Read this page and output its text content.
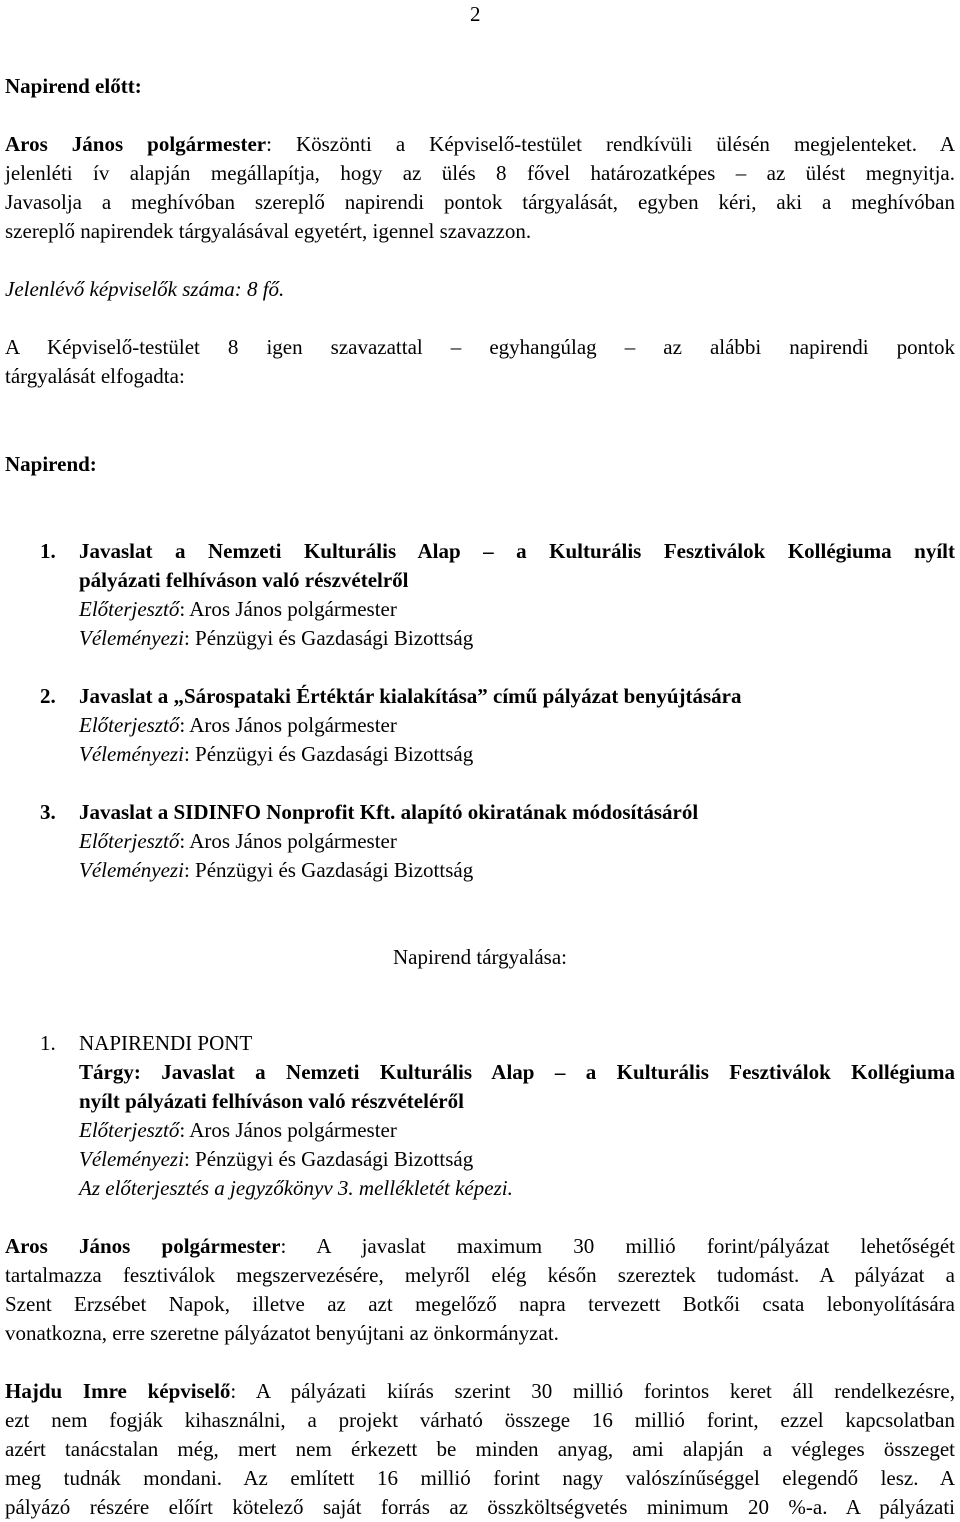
2
Napirend előtt:
Aros János polgármester: Köszönti a Képviselő-testület rendkívüli ülésén megjelenteket. A
jelenléti ív alapján megállapítja, hogy az ülés 8 fővel határozatképes – az ülést megnyitja.
Javasolja a meghívóban szereplő napirendi pontok tárgyalását, egyben kéri, aki a meghívóban
szereplő napirendek tárgyalásával egyetért, igennel szavazzon.
Jelenlévő képviselők száma: 8 fő.
A Képviselő-testület 8 igen szavazattal – egyhangúlag – az alábbi napirendi pontok
tárgyalását elfogadta:
Napirend:
1. Javaslat a Nemzeti Kulturális Alap – a Kulturális Fesztiválok Kollégiuma nyílt
pályázati felhíváson való részvételről
Előterjesztő: Aros János polgármester
Véleményezi: Pénzügyi és Gazdasági Bizottság
2. Javaslat a „Sárospataki Értéktár kialakítása” című pályázat benyújtására
Előterjesztő: Aros János polgármester
Véleményezi: Pénzügyi és Gazdasági Bizottság
3. Javaslat a SIDINFO Nonprofit Kft. alapító okiratának módosításáról
Előterjesztő: Aros János polgármester
Véleményezi: Pénzügyi és Gazdasági Bizottság
Napirend tárgyalása:
1. NAPIRENDI PONT
Tárgy: Javaslat a Nemzeti Kulturális Alap – a Kulturális Fesztiválok Kollégiuma
nyílt pályázati felhíváson való részvételéről
Előterjesztő: Aros János polgármester
Véleményezi: Pénzügyi és Gazdasági Bizottság
Az előterjesztés a jegyzőkönyv 3. mellékletét képezi.
Aros János polgármester: A javaslat maximum 30 millió forint/pályázat lehetőségét
tartalmazza fesztiválok megszervezésére, melyről elég későn szereztek tudomást. A pályázat a
Szent Erzsébet Napok, illetve az azt megelőző napra tervezett Botkői csata lebonyolítására
vonatkozna, erre szeretne pályázatot benyújtani az önkormányzat.
Hajdu Imre képviselő: A pályázati kiírás szerint 30 millió forintos keret áll rendelkezésre,
ezt nem fogják kihasználni, a projekt várható összege 16 millió forint, ezzel kapcsolatban
azért tanácstalan még, mert nem érkezett be minden anyag, ami alapján a végleges összeget
meg tudnák mondani. Az említett 16 millió forint nagy valószínűséggel elegendő lesz. A
pályázó részére előírt kötelező saját forrás az összköltségvetés minimum 20 %-a. A pályázati
